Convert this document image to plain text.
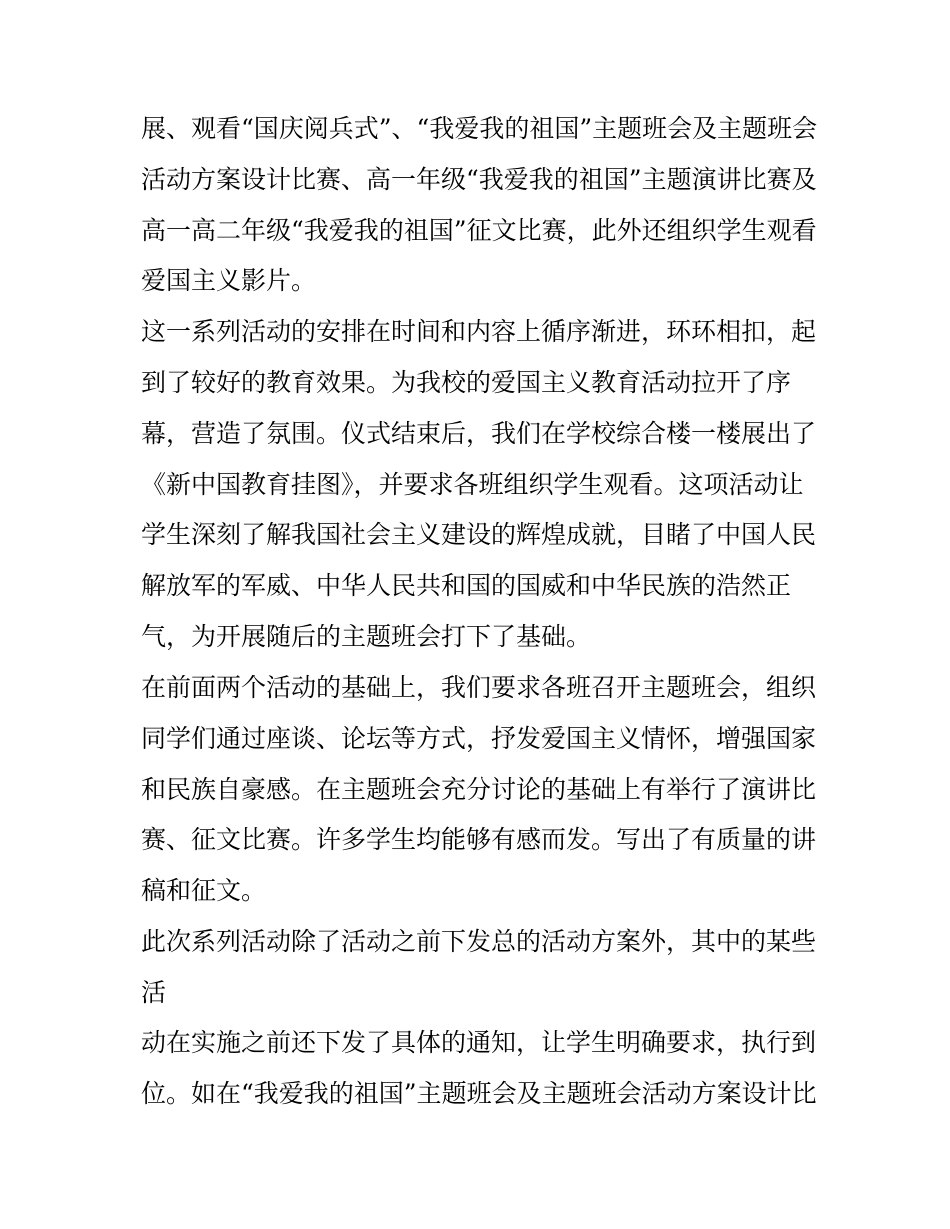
展、观看“国庆阅兵式”、“我爱我的祖国”主题班会及主题班会
活动方案设计比赛、高一年级“我爱我的祖国”主题演讲比赛及
高一高二年级“我爱我的祖国”征文比赛，此外还组织学生观看
爱国主义影片。
这一系列活动的安排在时间和内容上循序渐进，环环相扣，起
到了较好的教育效果。为我校的爱国主义教育活动拉开了序
幕，营造了氛围。仪式结束后，我们在学校综合楼一楼展出了
《新中国教育挂图》，并要求各班组织学生观看。这项活动让
学生深刻了解我国社会主义建设的辉煌成就，目睹了中国人民
解放军的军威、中华人民共和国的国威和中华民族的浩然正
气，为开展随后的主题班会打下了基础。
在前面两个活动的基础上，我们要求各班召开主题班会，组织
同学们通过座谈、论坛等方式，抒发爱国主义情怀，增强国家
和民族自豪感。在主题班会充分讨论的基础上有举行了演讲比
赛、征文比赛。许多学生均能够有感而发。写出了有质量的讲
稿和征文。
此次系列活动除了活动之前下发总的活动方案外，其中的某些
活
动在实施之前还下发了具体的通知，让学生明确要求，执行到
位。如在“我爱我的祖国”主题班会及主题班会活动方案设计比
